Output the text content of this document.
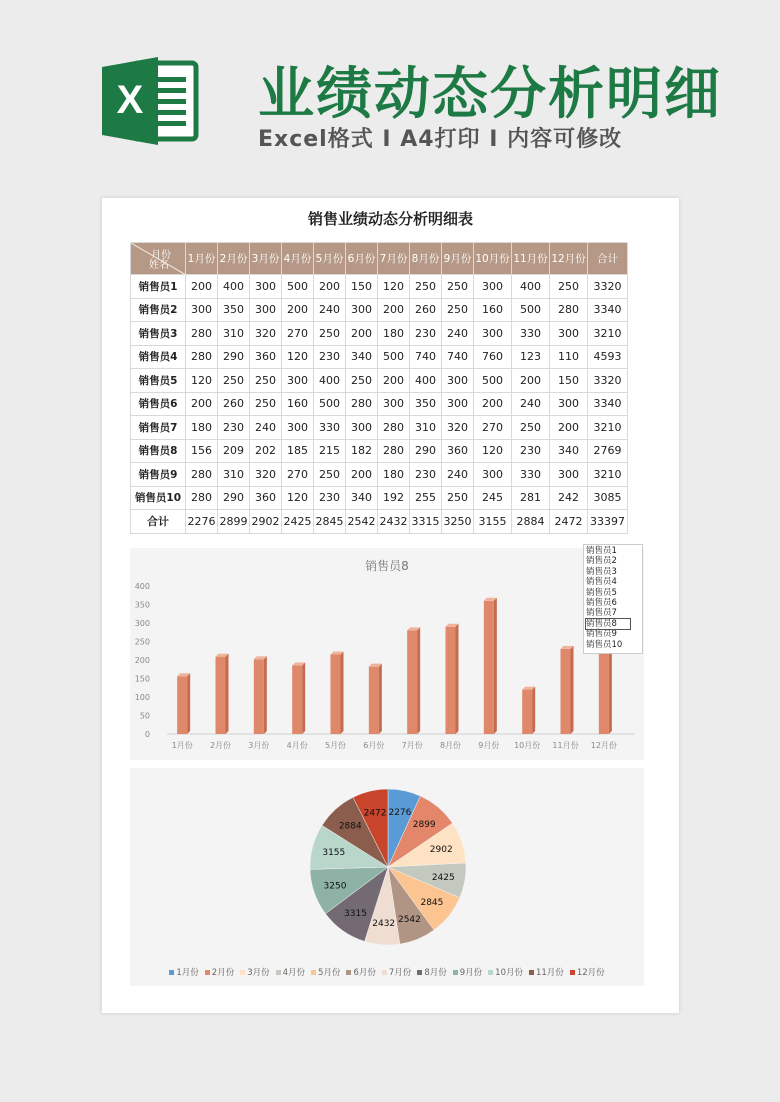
X 业绩动态分析明细
Excel格式 I A4打印 I 内容可修改
销售业绩动态分析明细表
月份
姓名	1月份	2月份	3月份	4月份	5月份	6月份	7月份	8月份	9月份	10月份	11月份	12月份	合计
销售员1	200	400	300	500	200	150	120	250	250	300	400	250	3320
销售员2	300	350	300	200	240	300	200	260	250	160	500	280	3340
销售员3	280	310	320	270	250	200	180	230	240	300	330	300	3210
销售员4	280	290	360	120	230	340	500	740	740	760	123	110	4593
销售员5	120	250	250	300	400	250	200	400	300	500	200	150	3320
销售员6	200	260	250	160	500	280	300	350	300	200	240	300	3340
销售员7	180	230	240	300	330	300	280	310	320	270	250	200	3210
销售员8	156	209	202	185	215	182	280	290	360	120	230	340	2769
销售员9	280	310	320	270	250	200	180	230	240	300	330	300	3210
销售员10	280	290	360	120	230	340	192	255	250	245	281	242	3085
合计	2276	2899	2902	2425	2845	2542	2432	3315	3250	3155	2884	2472	33397
销售员8
0
50
100
150
200
250
300
350
400
1月份 2月份 3月份 4月份 5月份 6月份 7月份 8月份 9月份 10月份 11月份 12月份
销售员1
销售员2
销售员3
销售员4
销售员5
销售员6
销售员7
销售员8
销售员9
销售员10
2276
2899
2902
2425
2845
2542
2432
3315
3250
3155
2884
2472
1月份 2月份 3月份 4月份 5月份 6月份 7月份 8月份 9月份 10月份 11月份 12月份
